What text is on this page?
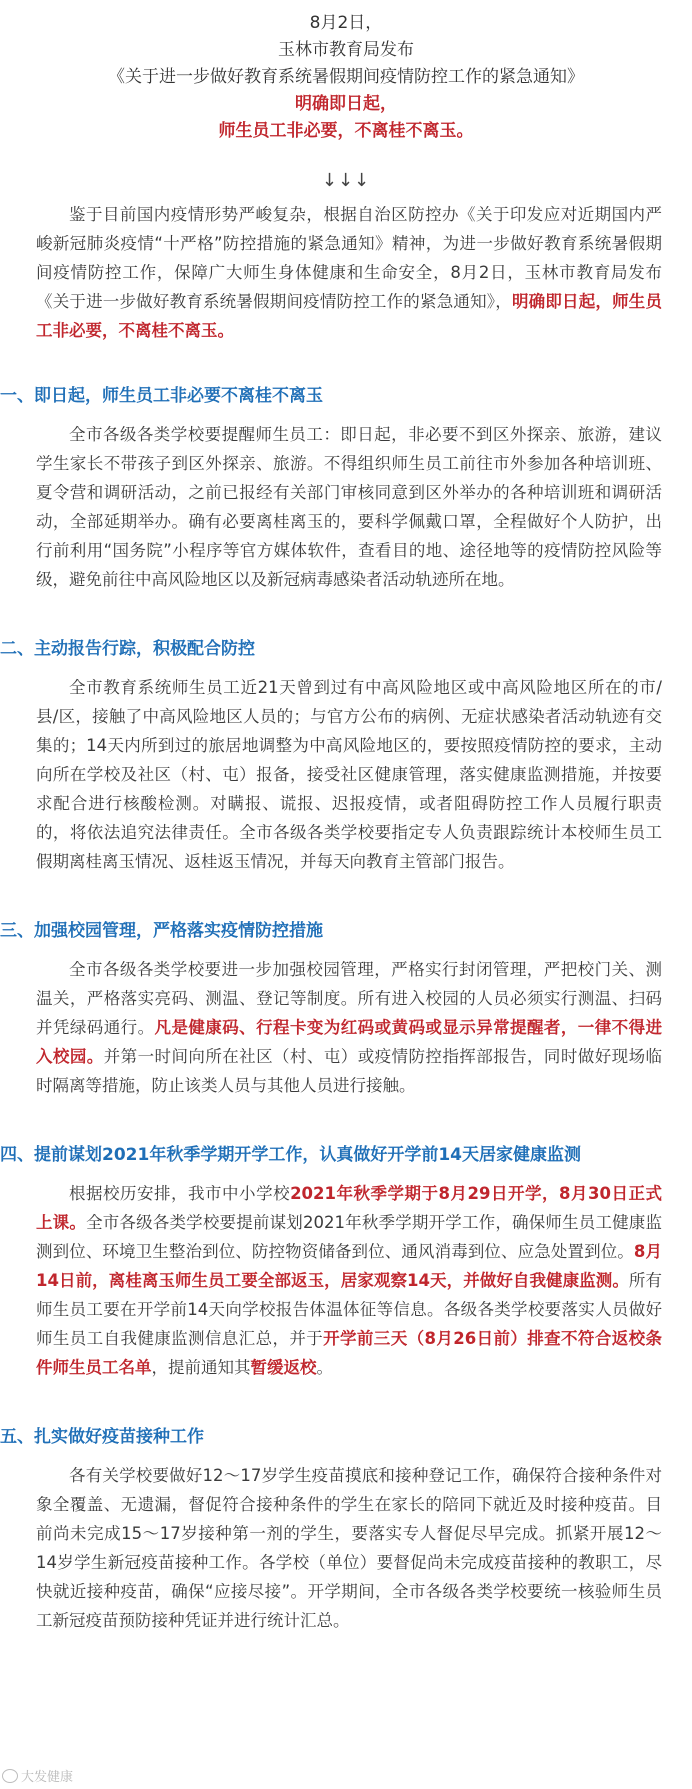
8月2日，
玉林市教育局发布
《关于进一步做好教育系统暑假期间疫情防控工作的紧急通知》
明确即日起，
师生员工非必要，不离桂不离玉。
↓↓↓

鉴于目前国内疫情形势严峻复杂，根据自治区防控办《关于印发应对近期国内严峻新冠肺炎疫情“十严格”防控措施的紧急通知》精神，为进一步做好教育系统暑假期间疫情防控工作，保障广大师生身体健康和生命安全，8月2日，玉林市教育局发布《关于进一步做好教育系统暑假期间疫情防控工作的紧急通知》，明确即日起，师生员工非必要，不离桂不离玉。

一、即日起，师生员工非必要不离桂不离玉

全市各级各类学校要提醒师生员工：即日起，非必要不到区外探亲、旅游，建议学生家长不带孩子到区外探亲、旅游。不得组织师生员工前往市外参加各种培训班、夏令营和调研活动，之前已报经有关部门审核同意到区外举办的各种培训班和调研活动，全部延期举办。确有必要离桂离玉的，要科学佩戴口罩，全程做好个人防护，出行前利用“国务院”小程序等官方媒体软件，查看目的地、途径地等的疫情防控风险等级，避免前往中高风险地区以及新冠病毒感染者活动轨迹所在地。

二、主动报告行踪，积极配合防控

全市教育系统师生员工近21天曾到过有中高风险地区或中高风险地区所在的市/县/区，接触了中高风险地区人员的；与官方公布的病例、无症状感染者活动轨迹有交集的；14天内所到过的旅居地调整为中高风险地区的，要按照疫情防控的要求，主动向所在学校及社区（村、屯）报备，接受社区健康管理，落实健康监测措施，并按要求配合进行核酸检测。对瞒报、谎报、迟报疫情，或者阻碍防控工作人员履行职责的，将依法追究法律责任。全市各级各类学校要指定专人负责跟踪统计本校师生员工假期离桂离玉情况、返桂返玉情况，并每天向教育主管部门报告。

三、加强校园管理，严格落实疫情防控措施

全市各级各类学校要进一步加强校园管理，严格实行封闭管理，严把校门关、测温关，严格落实亮码、测温、登记等制度。所有进入校园的人员必须实行测温、扫码并凭绿码通行。凡是健康码、行程卡变为红码或黄码或显示异常提醒者，一律不得进入校园。并第一时间向所在社区（村、屯）或疫情防控指挥部报告，同时做好现场临时隔离等措施，防止该类人员与其他人员进行接触。

四、提前谋划2021年秋季学期开学工作，认真做好开学前14天居家健康监测

根据校历安排，我市中小学校2021年秋季学期于8月29日开学，8月30日正式上课。全市各级各类学校要提前谋划2021年秋季学期开学工作，确保师生员工健康监测到位、环境卫生整治到位、防控物资储备到位、通风消毒到位、应急处置到位。8月14日前，离桂离玉师生员工要全部返玉，居家观察14天，并做好自我健康监测。所有师生员工要在开学前14天向学校报告体温体征等信息。各级各类学校要落实人员做好师生员工自我健康监测信息汇总，并于开学前三天（8月26日前）排查不符合返校条件师生员工名单，提前通知其暂缓返校。

五、扎实做好疫苗接种工作

各有关学校要做好12～17岁学生疫苗摸底和接种登记工作，确保符合接种条件对象全覆盖、无遗漏，督促符合接种条件的学生在家长的陪同下就近及时接种疫苗。目前尚未完成15～17岁接种第一剂的学生，要落实专人督促尽早完成。抓紧开展12～14岁学生新冠疫苗接种工作。各学校（单位）要督促尚未完成疫苗接种的教职工，尽快就近接种疫苗，确保“应接尽接”。开学期间，全市各级各类学校要统一核验师生员工新冠疫苗预防接种凭证并进行统计汇总。

大发健康
